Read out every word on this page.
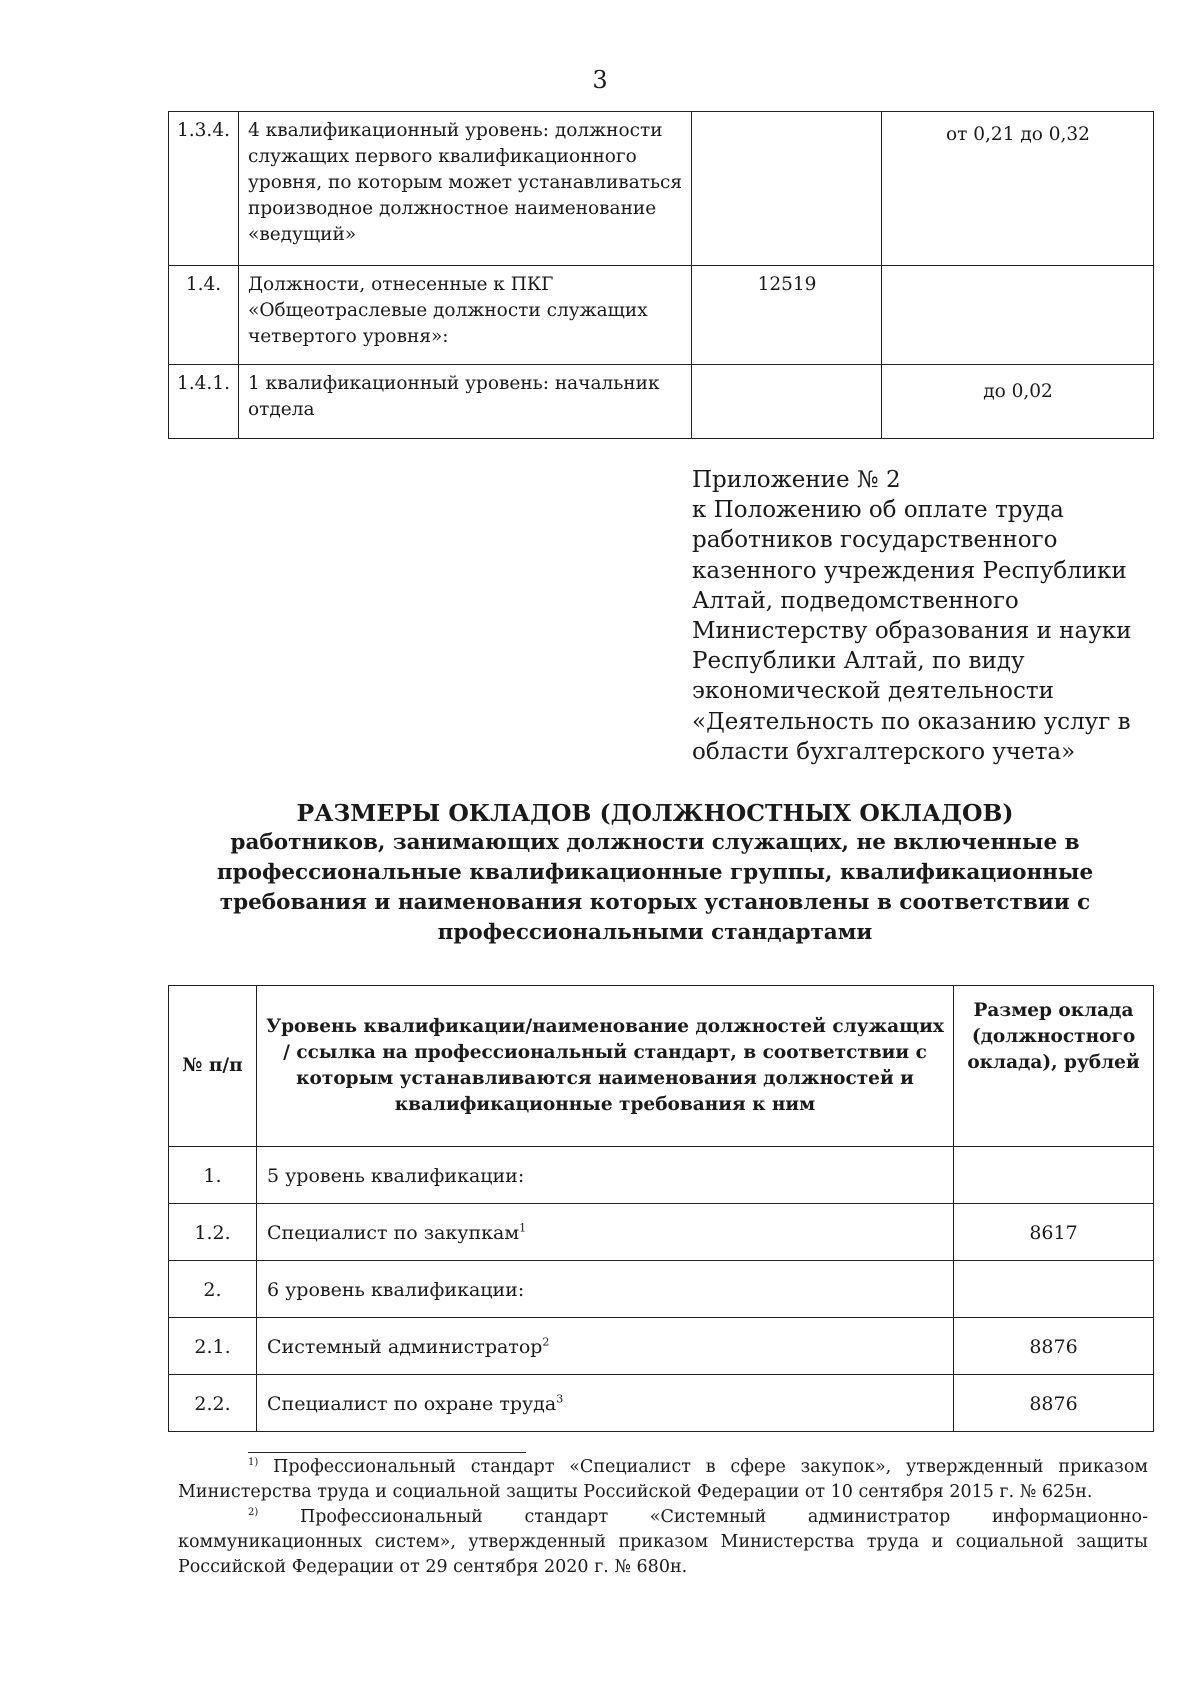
3
1.3.4.	4 квалификационный уровень: должности служащих первого квалификационного уровня, по которым может устанавливаться производное должностное наименование «ведущий»		от 0,21 до 0,32
1.4.	Должности, отнесенные к ПКГ «Общеотраслевые должности служащих четвертого уровня»:	12519	
1.4.1.	1 квалификационный уровень: начальник отдела		до 0,02
Приложение № 2
к Положению об оплате труда
работников государственного
казенного учреждения Республики
Алтай, подведомственного
Министерству образования и науки
Республики Алтай, по виду
экономической деятельности
«Деятельность по оказанию услуг в
области бухгалтерского учета»
РАЗМЕРЫ ОКЛАДОВ (ДОЛЖНОСТНЫХ ОКЛАДОВ)
работников, занимающих должности служащих, не включенные в профессиональные квалификационные группы, квалификационные требования и наименования которых установлены в соответствии с профессиональными стандартами
№ п/п	Уровень квалификации/наименование должностей служащих / ссылка на профессиональный стандарт, в соответствии с которым устанавливаются наименования должностей и квалификационные требования к ним	Размер оклада (должностного оклада), рублей
1.	5 уровень квалификации:	
1.2.	Специалист по закупкам$^1$	8617
2.	6 уровень квалификации:	
2.1.	Системный администратор$^2$	8876
2.2.	Специалист по охране труда$^3$	8876

$^{1)}$ Профессиональный стандарт «Специалист в сфере закупок», утвержденный приказом Министерства труда и социальной защиты Российской Федерации от 10 сентября 2015 г. № 625н.

$^{2)}$ Профессиональный стандарт «Системный администратор информационно-коммуникационных систем», утвержденный приказом Министерства труда и социальной защиты Российской Федерации от 29 сентября 2020 г. № 680н.
